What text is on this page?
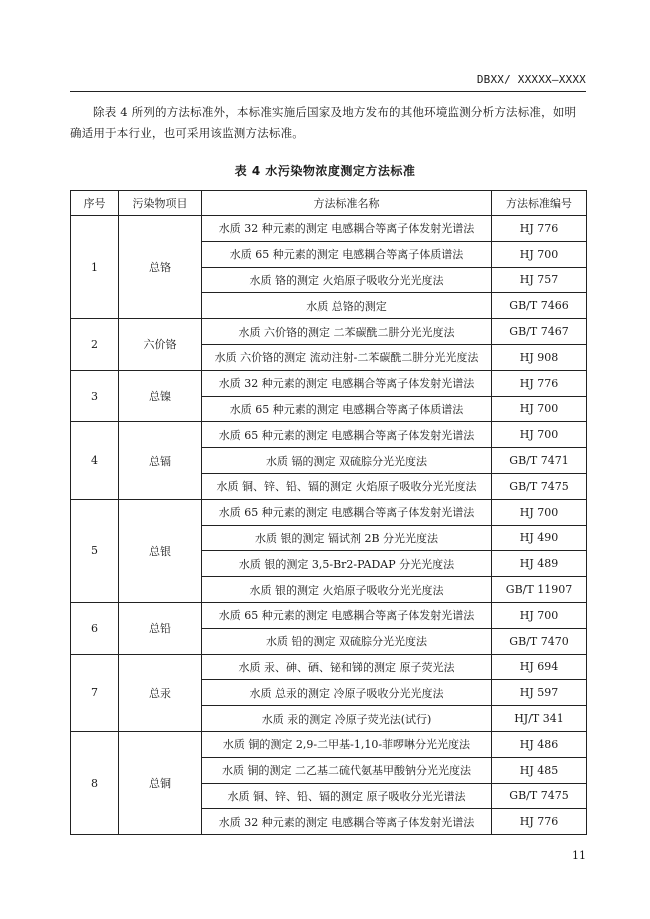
DBXX/ XXXXX—XXXX

除表 4 所列的方法标准外，本标准实施后国家及地方发布的其他环境监测分析方法标准，如明确适用于本行业，也可采用该监测方法标准。

表 4 水污染物浓度测定方法标准
序号	污染物项目	方法标准名称	方法标准编号
1	总铬	水质 32 种元素的测定 电感耦合等离子体发射光谱法	HJ 776
		水质 65 种元素的测定 电感耦合等离子体质谱法	HJ 700
		水质 铬的测定 火焰原子吸收分光光度法	HJ 757
		水质 总铬的测定	GB/T 7466
2	六价铬	水质 六价铬的测定 二苯碳酰二肼分光光度法	GB/T 7467
		水质 六价铬的测定 流动注射-二苯碳酰二肼分光光度法	HJ 908
3	总镍	水质 32 种元素的测定 电感耦合等离子体发射光谱法	HJ 776
		水质 65 种元素的测定 电感耦合等离子体质谱法	HJ 700
4	总镉	水质 65 种元素的测定 电感耦合等离子体发射光谱法	HJ 700
		水质 镉的测定 双硫腙分光光度法	GB/T 7471
		水质 铜、锌、铅、镉的测定 火焰原子吸收分光光度法	GB/T 7475
5	总银	水质 65 种元素的测定 电感耦合等离子体发射光谱法	HJ 700
		水质 银的测定 镉试剂 2B 分光光度法	HJ 490
		水质 银的测定 3,5-Br2-PADAP 分光光度法	HJ 489
		水质 银的测定 火焰原子吸收分光光度法	GB/T 11907
6	总铅	水质 65 种元素的测定 电感耦合等离子体发射光谱法	HJ 700
		水质 铅的测定 双硫腙分光光度法	GB/T 7470
7	总汞	水质 汞、砷、硒、铋和锑的测定 原子荧光法	HJ 694
		水质 总汞的测定 冷原子吸收分光光度法	HJ 597
		水质 汞的测定 冷原子荧光法(试行)	HJ/T 341
8	总铜	水质 铜的测定 2,9-二甲基-1,10-菲啰啉分光光度法	HJ 486
		水质 铜的测定 二乙基二硫代氨基甲酸钠分光光度法	HJ 485
		水质 铜、锌、铅、镉的测定 原子吸收分光光谱法	GB/T 7475
		水质 32 种元素的测定 电感耦合等离子体发射光谱法	HJ 776
11
